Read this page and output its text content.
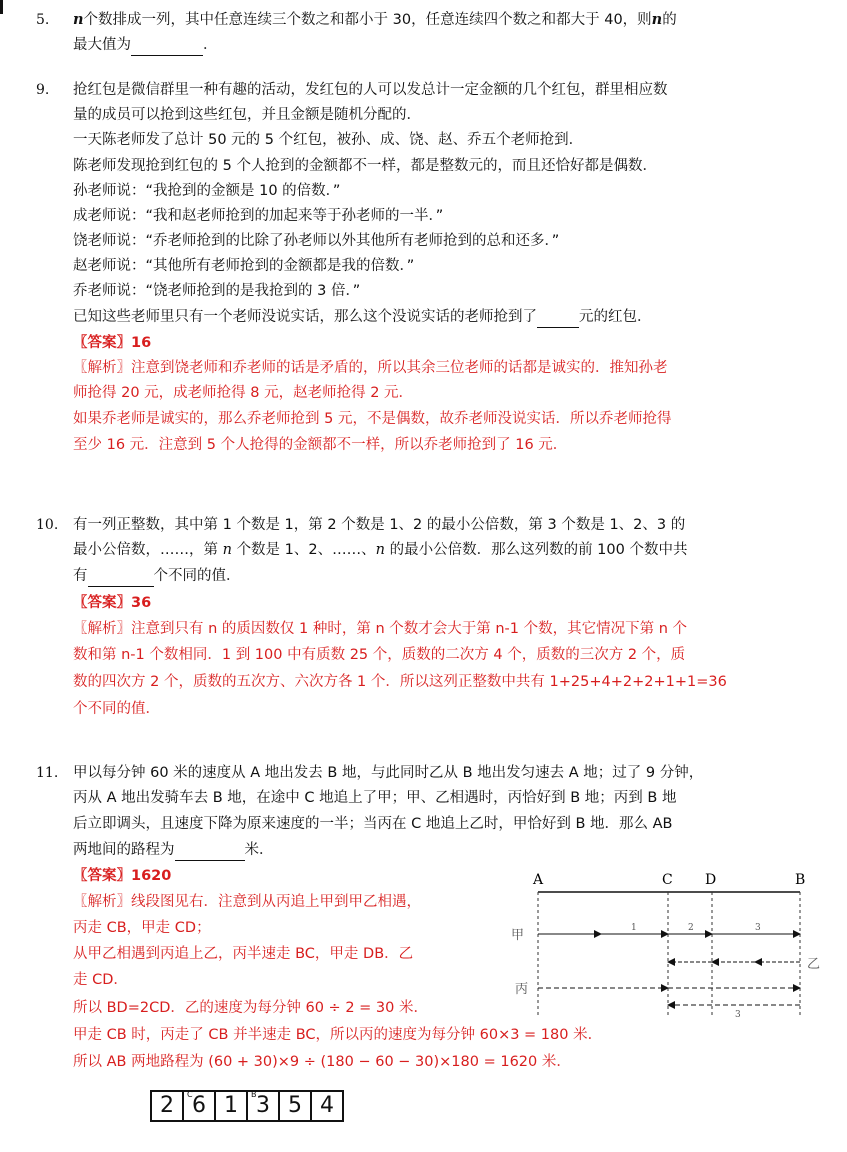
5. n个数排成一列，其中任意连续三个数之和都小于 30，任意连续四个数之和都大于 40，则n的
最大值为	．
9. 抢红包是微信群里一种有趣的活动，发红包的人可以发总计一定金额的几个红包，群里相应数
量的成员可以抢到这些红包，并且金额是随机分配的．
一天陈老师发了总计 50 元的 5 个红包，被孙、成、饶、赵、乔五个老师抢到．
陈老师发现抢到红包的 5 个人抢到的金额都不一样，都是整数元的，而且还恰好都是偶数．
孙老师说：“我抢到的金额是 10 的倍数．”
成老师说：“我和赵老师抢到的加起来等于孙老师的一半．”
饶老师说：“乔老师抢到的比除了孙老师以外其他所有老师抢到的总和还多．”
赵老师说：“其他所有老师抢到的金额都是我的倍数．”
乔老师说：“饶老师抢到的是我抢到的 3 倍．”
已知这些老师里只有一个老师没说实话，那么这个没说实话的老师抢到了	元的红包．
〖答案〗16
〖解析〗注意到饶老师和乔老师的话是矛盾的，所以其余三位老师的话都是诚实的．推知孙老
师抢得 20 元，成老师抢得 8 元，赵老师抢得 2 元．
如果乔老师是诚实的，那么乔老师抢到 5 元，不是偶数，故乔老师没说实话．所以乔老师抢得
至少 16 元．注意到 5 个人抢得的金额都不一样，所以乔老师抢到了 16 元．
10. 有一列正整数，其中第 1 个数是 1，第 2 个数是 1、2 的最小公倍数，第 3 个数是 1、2、3 的
最小公倍数，……，第 n 个数是 1、2、……、n 的最小公倍数．那么这列数的前 100 个数中共
有	个不同的值．
〖答案〗36
〖解析〗注意到只有 n 的质因数仅 1 种时，第 n 个数才会大于第 n-1 个数，其它情况下第 n 个
数和第 n-1 个数相同．1 到 100 中有质数 25 个，质数的二次方 4 个，质数的三次方 2 个，质
数的四次方 2 个，质数的五次方、六次方各 1 个．所以这列正整数中共有 1+25+4+2+2+1+1=36
个不同的值．
11. 甲以每分钟 60 米的速度从 A 地出发去 B 地，与此同时乙从 B 地出发匀速去 A 地；过了 9 分钟，
丙从 A 地出发骑车去 B 地，在途中 C 地追上了甲；甲、乙相遇时，丙恰好到 B 地；丙到 B 地
后立即调头，且速度下降为原来速度的一半；当丙在 C 地追上乙时，甲恰好到 B 地．那么 AB
两地间的路程为	米．
〖答案〗1620
〖解析〗线段图见右．注意到从丙追上甲到甲乙相遇，
丙走 CB，甲走 CD；
从甲乙相遇到丙追上乙，丙半速走 BC，甲走 DB．乙
走 CD．
所以 BD=2CD．乙的速度为每分钟 60 ÷ 2 = 30 米．
甲走 CB 时，丙走了 CB 并半速走 BC，所以丙的速度为每分钟 60×3 = 180 米．
所以 AB 两地路程为 (60 + 30)×9 ÷ (180 − 60 − 30)×180 = 1620 米．
A	C D	B
甲	1	2	3
乙
丙
3
2	C 6 1	B 3 5 4
